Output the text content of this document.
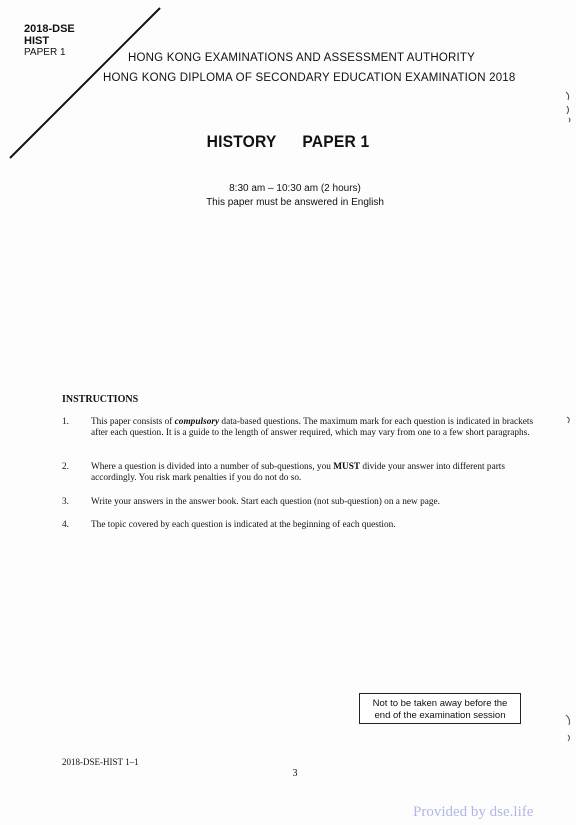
2018-DSE
HIST
PAPER 1	HONG KONG EXAMINATIONS AND ASSESSMENT AUTHORITY
HONG KONG DIPLOMA OF SECONDARY EDUCATION EXAMINATION 2018
HISTORY PAPER 1
8:30 am – 10:30 am (2 hours)
This paper must be answered in English
INSTRUCTIONS
1. This paper consists of compulsory data-based questions. The maximum mark for each question is indicated in brackets after each question. It is a guide to the length of answer required, which may vary from one to a few short paragraphs.
2. Where a question is divided into a number of sub-questions, you MUST divide your answer into different parts accordingly. You risk mark penalties if you do not do so.
3. Write your answers in the answer book. Start each question (not sub-question) on a new page.
4. The topic covered by each question is indicated at the beginning of each question.
Not to be taken away before the
end of the examination session
2018-DSE-HIST 1–1
3
Provided by dse.life
